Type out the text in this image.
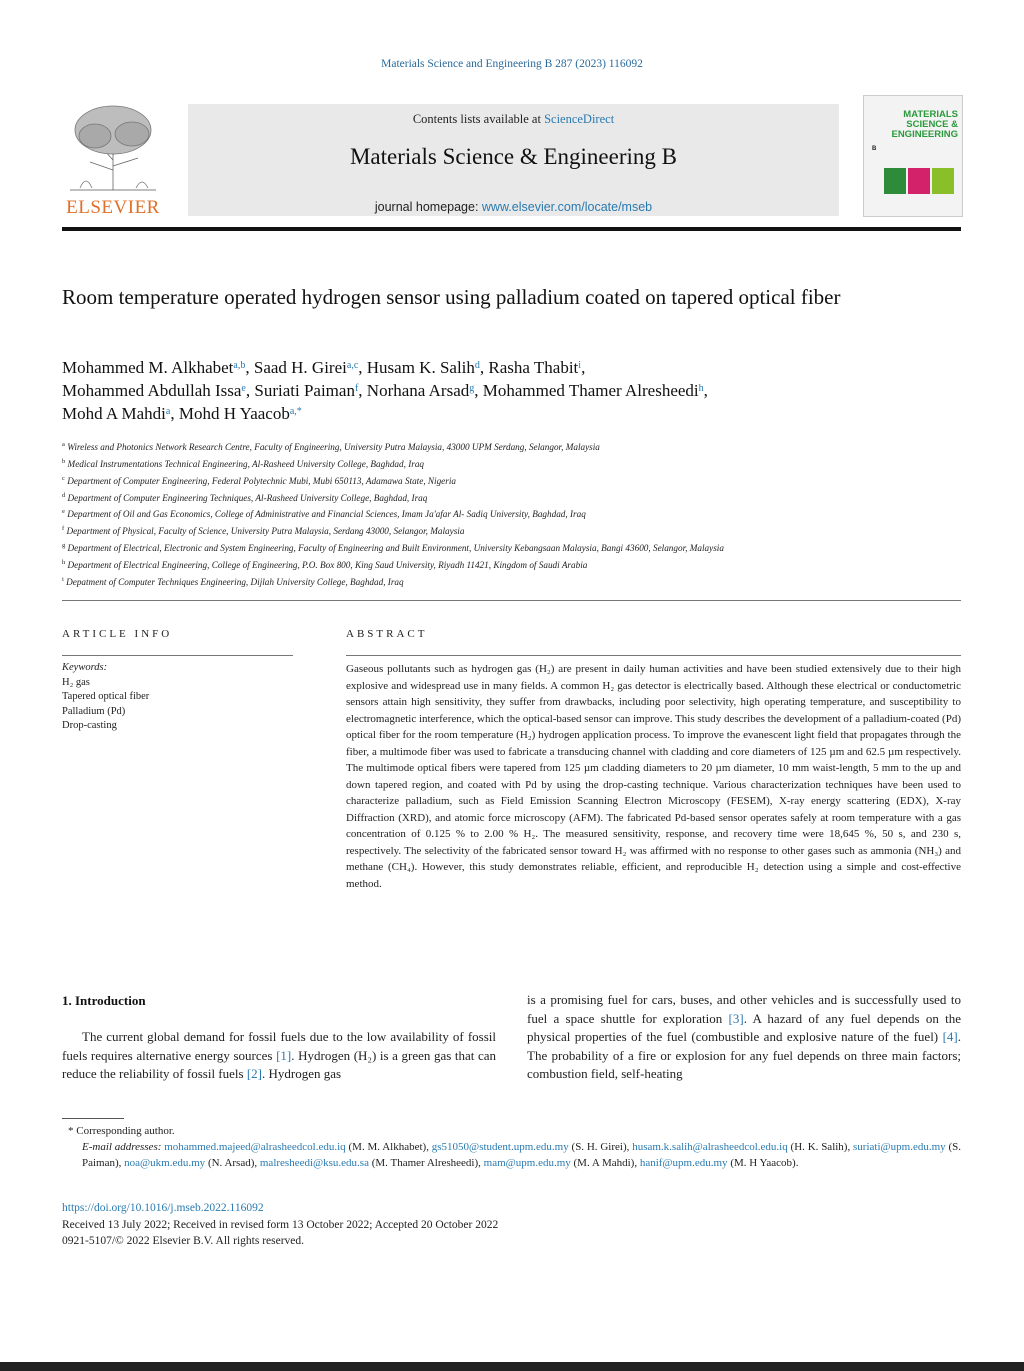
Materials Science and Engineering B 287 (2023) 116092
ELSEVIER
Contents lists available at ScienceDirect
Materials Science & Engineering B
journal homepage: www.elsevier.com/locate/mseb
MATERIALS
SCIENCE &
ENGINEERING
B
Room temperature operated hydrogen sensor using palladium coated on tapered optical fiber
Mohammed M. Alkhabet$^{a,b}$, Saad H. Girei$^{a,c}$, Husam K. Salih$^d$, Rasha Thabit$^i$,
Mohammed Abdullah Issa$^e$, Suriati Paiman$^f$, Norhana Arsad$^g$, Mohammed Thamer Alresheedi$^h$,
Mohd A Mahdi$^a$, Mohd H Yaacob$^{a,*}$
$^a$ Wireless and Photonics Network Research Centre, Faculty of Engineering, University Putra Malaysia, 43000 UPM Serdang, Selangor, Malaysia
$^b$ Medical Instrumentations Technical Engineering, Al-Rasheed University College, Baghdad, Iraq
$^c$ Department of Computer Engineering, Federal Polytechnic Mubi, Mubi 650113, Adamawa State, Nigeria
$^d$ Department of Computer Engineering Techniques, Al-Rasheed University College, Baghdad, Iraq
$^e$ Department of Oil and Gas Economics, College of Administrative and Financial Sciences, Imam Ja'afar Al- Sadiq University, Baghdad, Iraq
$^f$ Department of Physical, Faculty of Science, University Putra Malaysia, Serdang 43000, Selangor, Malaysia
$^g$ Department of Electrical, Electronic and System Engineering, Faculty of Engineering and Built Environment, University Kebangsaan Malaysia, Bangi 43600, Selangor, Malaysia
$^h$ Department of Electrical Engineering, College of Engineering, P.O. Box 800, King Saud University, Riyadh 11421, Kingdom of Saudi Arabia
$^i$ Depatment of Computer Techniques Engineering, Dijlah University College, Baghdad, Iraq
ARTICLE INFO
Keywords:
H₂ gas
Tapered optical fiber
Palladium (Pd)
Drop-casting
ABSTRACT
Gaseous pollutants such as hydrogen gas (H₂) are present in daily human activities and have been studied extensively due to their high explosive and widespread use in many fields. A common H₂ gas detector is electrically based. Although these electrical or conductometric sensors attain high sensitivity, they suffer from drawbacks, including poor selectivity, high operating temperature, and susceptibility to electromagnetic interference, which the optical-based sensor can improve. This study describes the development of a palladium-coated (Pd) optical fiber for the room temperature (H₂) hydrogen application process. To improve the evanescent light field that propagates through the fiber, a multimode fiber was used to fabricate a transducing channel with cladding and core diameters of 125 µm and 62.5 µm respectively. The multimode optical fibers were tapered from 125 µm cladding diameters to 20 µm diameter, 10 mm waist-length, 5 mm to the up and down tapered region, and coated with Pd by using the drop-casting technique. Various characterization techniques have been used to characterize palladium, such as Field Emission Scanning Electron Microscopy (FESEM), X-ray energy scattering (EDX), X-ray Diffraction (XRD), and atomic force microscopy (AFM). The fabricated Pd-based sensor operates safely at room temperature with a gas concentration of 0.125 % to 2.00 % H₂. The measured sensitivity, response, and recovery time were 18,645 %, 50 s, and 230 s, respectively. The selectivity of the fabricated sensor toward H₂ was affirmed with no response to other gases such as ammonia (NH₃) and methane (CH₄). However, this study demonstrates reliable, efficient, and reproducible H₂ detection using a simple and cost-effective method.
1. Introduction
The current global demand for fossil fuels due to the low availability of fossil fuels requires alternative energy sources [1]. Hydrogen (H₂) is a green gas that can reduce the reliability of fossil fuels [2]. Hydrogen gas
is a promising fuel for cars, buses, and other vehicles and is successfully used to fuel a space shuttle for exploration [3]. A hazard of any fuel depends on the physical properties of the fuel (combustible and explosive nature of the fuel) [4]. The probability of a fire or explosion for any fuel depends on three main factors; combustion field, self-heating
* Corresponding author.
E-mail addresses: mohammed.majeed@alrasheedcol.edu.iq (M. M. Alkhabet), gs51050@student.upm.edu.my (S. H. Girei), husam.k.salih@alrasheedcol.edu.iq (H. K. Salih), suriati@upm.edu.my (S. Paiman), noa@ukm.edu.my (N. Arsad), malresheedi@ksu.edu.sa (M. Thamer Alresheedi), mam@upm.edu.my (M. A Mahdi), hanif@upm.edu.my (M. H Yaacob).
https://doi.org/10.1016/j.mseb.2022.116092
Received 13 July 2022; Received in revised form 13 October 2022; Accepted 20 October 2022
0921-5107/© 2022 Elsevier B.V. All rights reserved.
